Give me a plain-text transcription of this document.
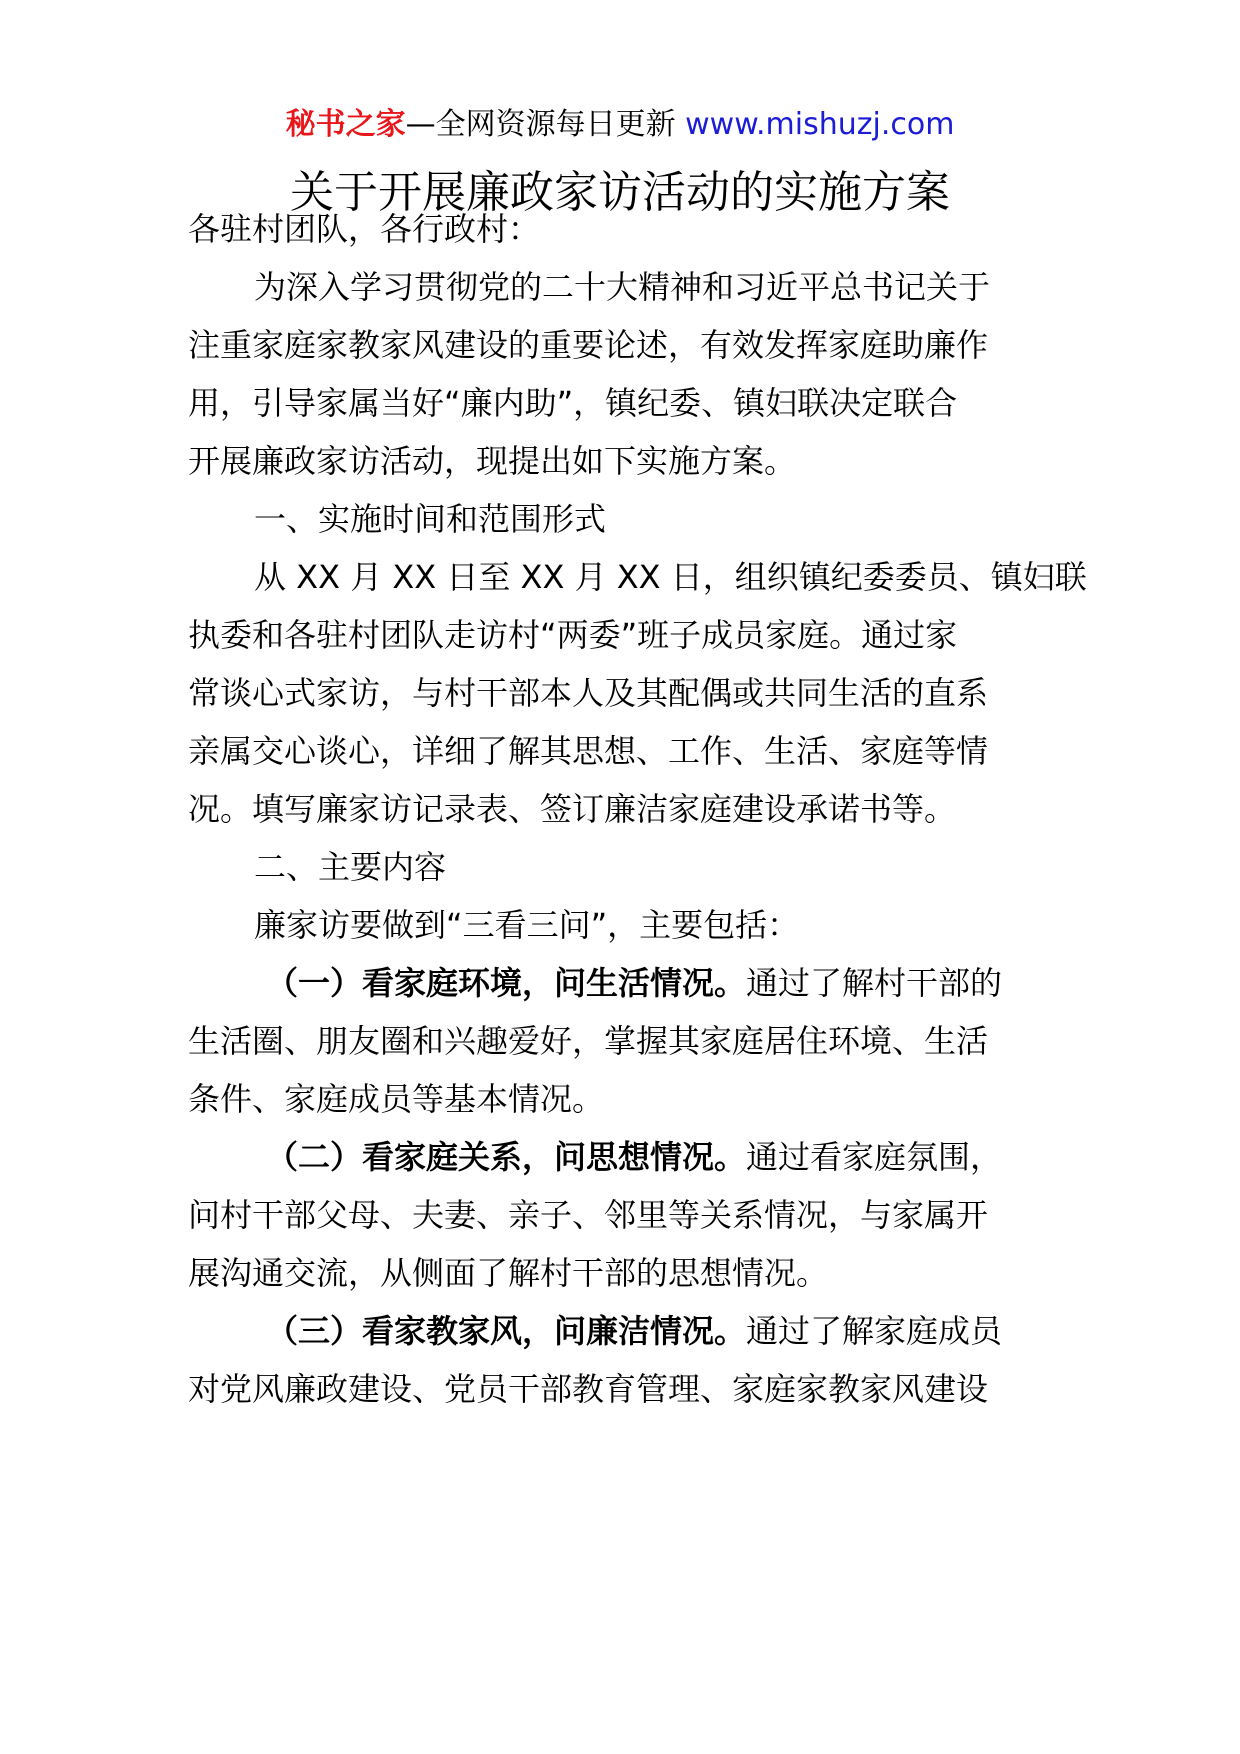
秘书之家—全网资源每日更新 www.mishuzj.com
关于开展廉政家访活动的实施方案
各驻村团队，各行政村：
为深入学习贯彻党的二十大精神和习近平总书记关于
注重家庭家教家风建设的重要论述，有效发挥家庭助廉作
用，引导家属当好“廉内助”，镇纪委、镇妇联决定联合
开展廉政家访活动，现提出如下实施方案。
一、实施时间和范围形式
从 XX 月 XX 日至 XX 月 XX 日，组织镇纪委委员、镇妇联
执委和各驻村团队走访村“两委”班子成员家庭。通过家
常谈心式家访，与村干部本人及其配偶或共同生活的直系
亲属交心谈心，详细了解其思想、工作、生活、家庭等情
况。填写廉家访记录表、签订廉洁家庭建设承诺书等。
二、主要内容
廉家访要做到“三看三问”，主要包括：
（一）看家庭环境，问生活情况。通过了解村干部的
生活圈、朋友圈和兴趣爱好，掌握其家庭居住环境、生活
条件、家庭成员等基本情况。
（二）看家庭关系，问思想情况。通过看家庭氛围，
问村干部父母、夫妻、亲子、邻里等关系情况，与家属开
展沟通交流，从侧面了解村干部的思想情况。
（三）看家教家风，问廉洁情况。通过了解家庭成员
对党风廉政建设、党员干部教育管理、家庭家教家风建设
